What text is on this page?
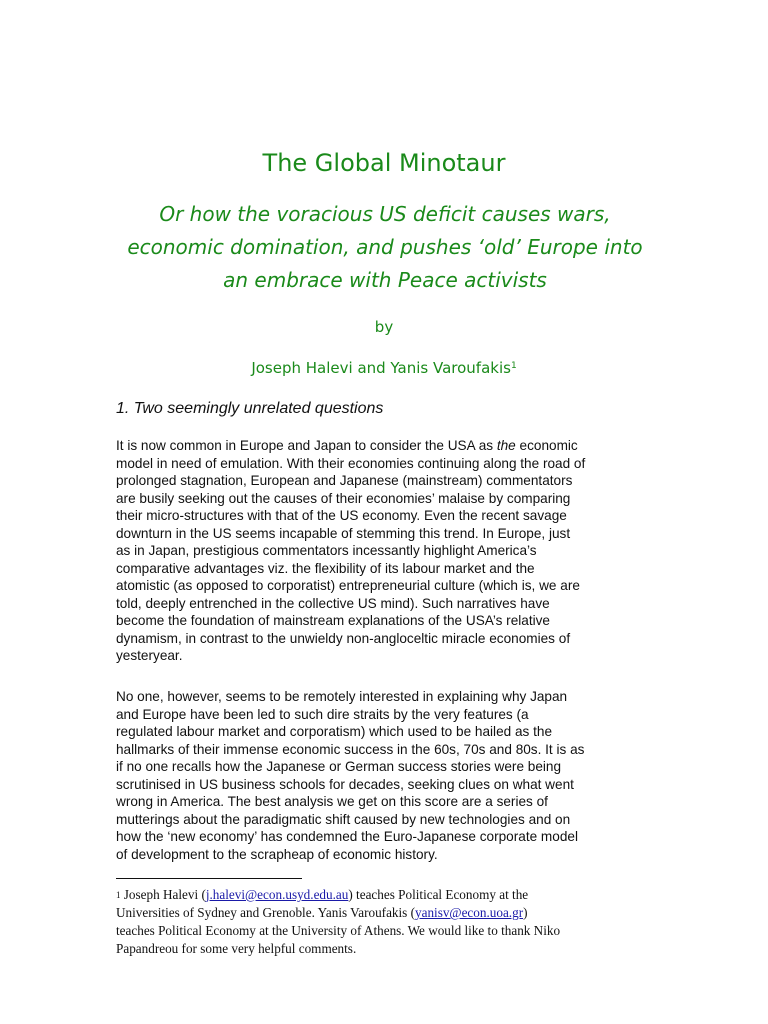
The Global Minotaur
Or how the voracious US deficit causes wars,
economic domination, and pushes ‘old’ Europe into
an embrace with Peace activists
by
Joseph Halevi and Yanis Varoufakis$^1$
1. Two seemingly unrelated questions
It is now common in Europe and Japan to consider the USA as the economic
model in need of emulation. With their economies continuing along the road of
prolonged stagnation, European and Japanese (mainstream) commentators
are busily seeking out the causes of their economies’ malaise by comparing
their micro-structures with that of the US economy. Even the recent savage
downturn in the US seems incapable of stemming this trend. In Europe, just
as in Japan, prestigious commentators incessantly highlight America’s
comparative advantages viz. the flexibility of its labour market and the
atomistic (as opposed to corporatist) entrepreneurial culture (which is, we are
told, deeply entrenched in the collective US mind). Such narratives have
become the foundation of mainstream explanations of the USA’s relative
dynamism, in contrast to the unwieldy non-angloceltic miracle economies of
yesteryear.
No one, however, seems to be remotely interested in explaining why Japan
and Europe have been led to such dire straits by the very features (a
regulated labour market and corporatism) which used to be hailed as the
hallmarks of their immense economic success in the 60s, 70s and 80s. It is as
if no one recalls how the Japanese or German success stories were being
scrutinised in US business schools for decades, seeking clues on what went
wrong in America. The best analysis we get on this score are a series of
mutterings about the paradigmatic shift caused by new technologies and on
how the ‘new economy’ has condemned the Euro-Japanese corporate model
of development to the scrapheap of economic history.
$^1$ Joseph Halevi (j.halevi@econ.usyd.edu.au) teaches Political Economy at the
Universities of Sydney and Grenoble. Yanis Varoufakis (yanisv@econ.uoa.gr)
teaches Political Economy at the University of Athens. We would like to thank Niko
Papandreou for some very helpful comments.
